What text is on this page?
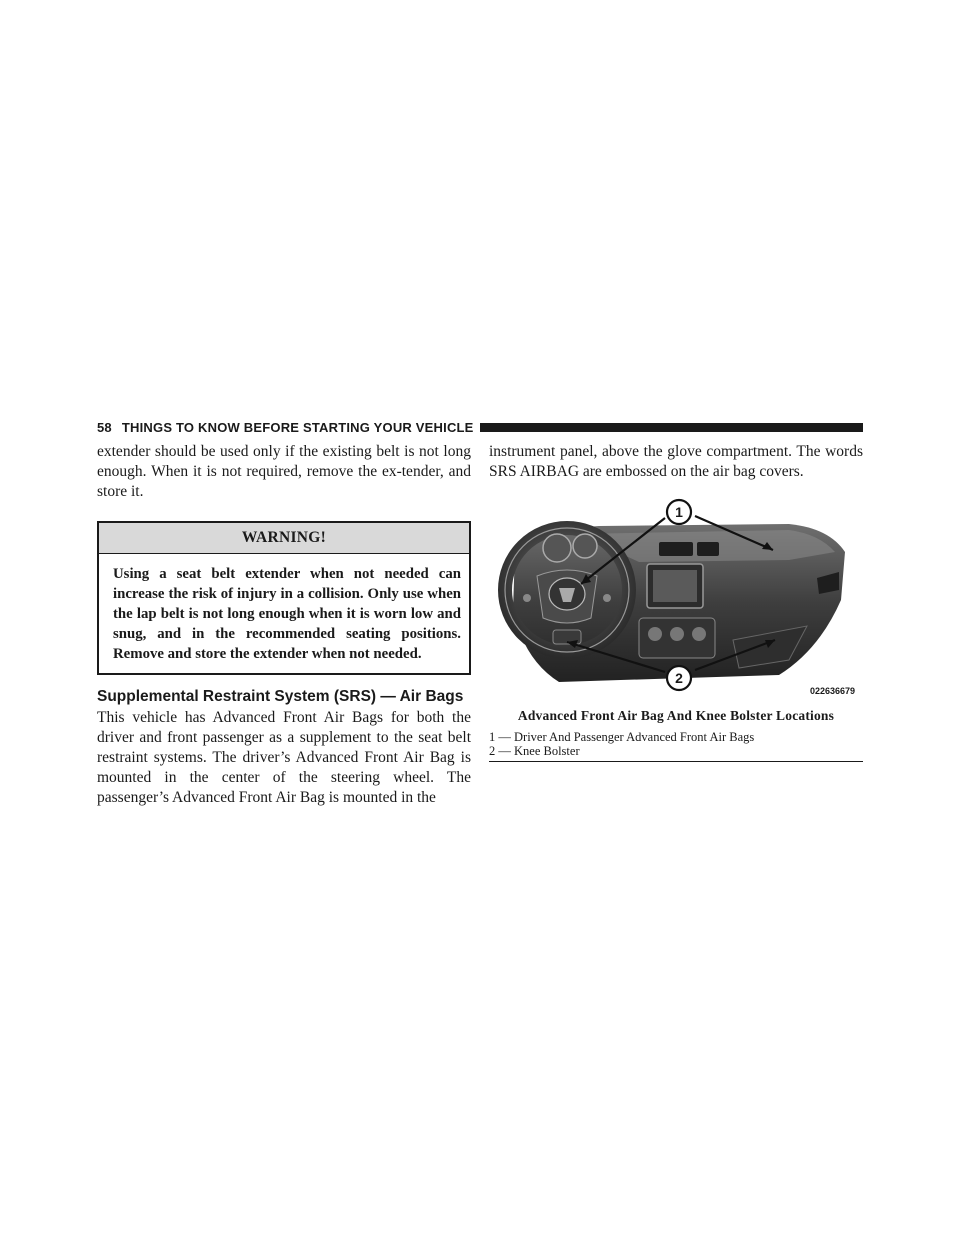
58 THINGS TO KNOW BEFORE STARTING YOUR VEHICLE

extender should be used only if the existing belt is not long enough. When it is not required, remove the ex-tender, and store it.

WARNING!
Using a seat belt extender when not needed can increase the risk of injury in a collision. Only use when the lap belt is not long enough when it is worn low and snug, and in the recommended seating positions. Remove and store the extender when not needed.
Supplemental Restraint System (SRS) — Air Bags

This vehicle has Advanced Front Air Bags for both the driver and front passenger as a supplement to the seat belt restraint systems. The driver’s Advanced Front Air Bag is mounted in the center of the steering wheel. The passenger’s Advanced Front Air Bag is mounted in the

instrument panel, above the glove compartment. The words SRS AIRBAG are embossed on the air bag covers.

1
2
022636679
Advanced Front Air Bag And Knee Bolster Locations
1 — Driver And Passenger Advanced Front Air Bags
2 — Knee Bolster
